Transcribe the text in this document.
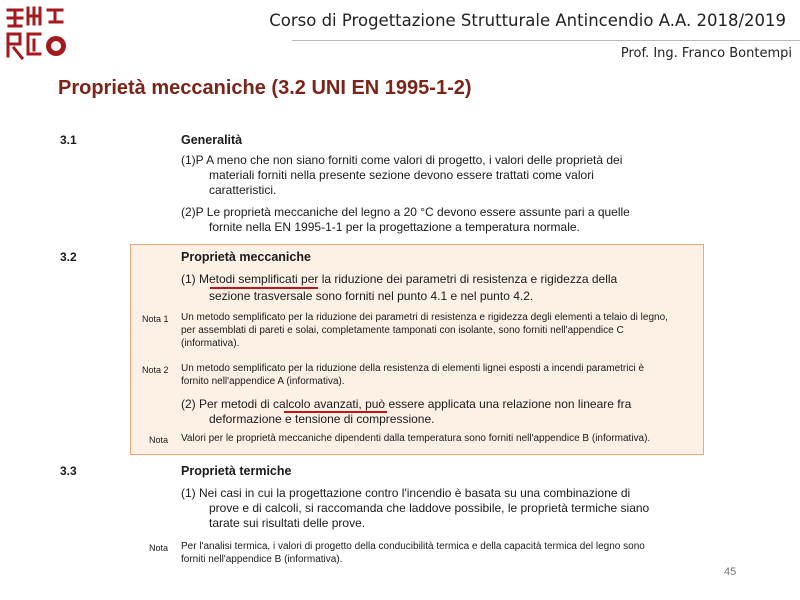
Corso di Progettazione Strutturale Antincendio A.A. 2018/2019
Prof. Ing. Franco Bontempi
Proprietà meccaniche (3.2 UNI EN 1995-1-2)
3.1	Generalità
(1)P A meno che non siano forniti come valori di progetto, i valori delle proprietà dei
materiali forniti nella presente sezione devono essere trattati come valori
caratteristici.
(2)P Le proprietà meccaniche del legno a 20 °C devono essere assunte pari a quelle
fornite nella EN 1995-1-1 per la progettazione a temperatura normale.
3.2	Proprietà meccaniche
(1) Metodi semplificati per la riduzione dei parametri di resistenza e rigidezza della
sezione trasversale sono forniti nel punto 4.1 e nel punto 4.2.
Nota 1 Un metodo semplificato per la riduzione dei parametri di resistenza e rigidezza degli elementi a telaio di legno,
per assemblati di pareti e solai, completamente tamponati con isolante, sono forniti nell'appendice C
(informativa).
Nota 2 Un metodo semplificato per la riduzione della resistenza di elementi lignei esposti a incendi parametrici è
fornito nell'appendice A (informativa).
(2) Per metodi di calcolo avanzati, può essere applicata una relazione non lineare fra
deformazione e tensione di compressione.
Nota Valori per le proprietà meccaniche dipendenti dalla temperatura sono forniti nell'appendice B (informativa).
3.3	Proprietà termiche
(1) Nei casi in cui la progettazione contro l'incendio è basata su una combinazione di
prove e di calcoli, si raccomanda che laddove possibile, le proprietà termiche siano
tarate sui risultati delle prove.
Nota Per l'analisi termica, i valori di progetto della conducibilità termica e della capacità termica del legno sono
forniti nell'appendice B (informativa).
45
